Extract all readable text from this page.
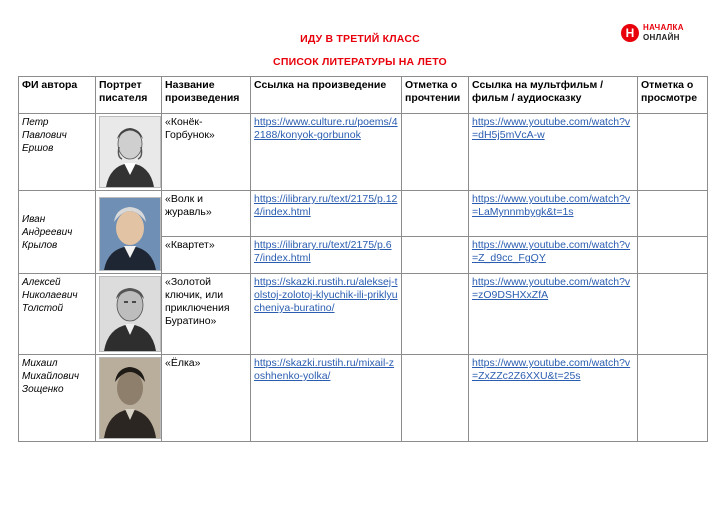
ИДУ В ТРЕТИЙ КЛАСС
СПИСОК ЛИТЕРАТУРЫ НА ЛЕТО
Н	НАЧАЛКА
ОНЛАЙН
ФИ автора	Портрет писателя	Название произведения	Ссылка на произведение	Отметка о прочтении	Ссылка на мультфильм / фильм / аудиосказку	Отметка о просмотре
Петр Павлович Ершов		«Конёк-Горбунок»	https://www.culture.ru/poems/42188/konyok-gorbunok		https://www.youtube.com/watch?v=dH5j5mVcA-w	
Иван Андреевич Крылов		«Волк и журавль»	https://ilibrary.ru/text/2175/p.124/index.html		https://www.youtube.com/watch?v=LaMynnmbygk&t=1s	
		«Квартет»	https://ilibrary.ru/text/2175/p.67/index.html		https://www.youtube.com/watch?v=Z_d9cc_FgQY	
Алексей Николаевич Толстой		«Золотой ключик, или приключения Буратино»	https://skazki.rustih.ru/aleksej-tolstoj-zolotoj-klyuchik-ili-priklyucheniya-buratino/		https://www.youtube.com/watch?v=zO9DSHXxZfA	
Михаил Михайлович Зощенко		«Ёлка»	https://skazki.rustih.ru/mixail-zoshhenko-yolka/		https://www.youtube.com/watch?v=ZxZZc2Z6XXU&t=25s	
